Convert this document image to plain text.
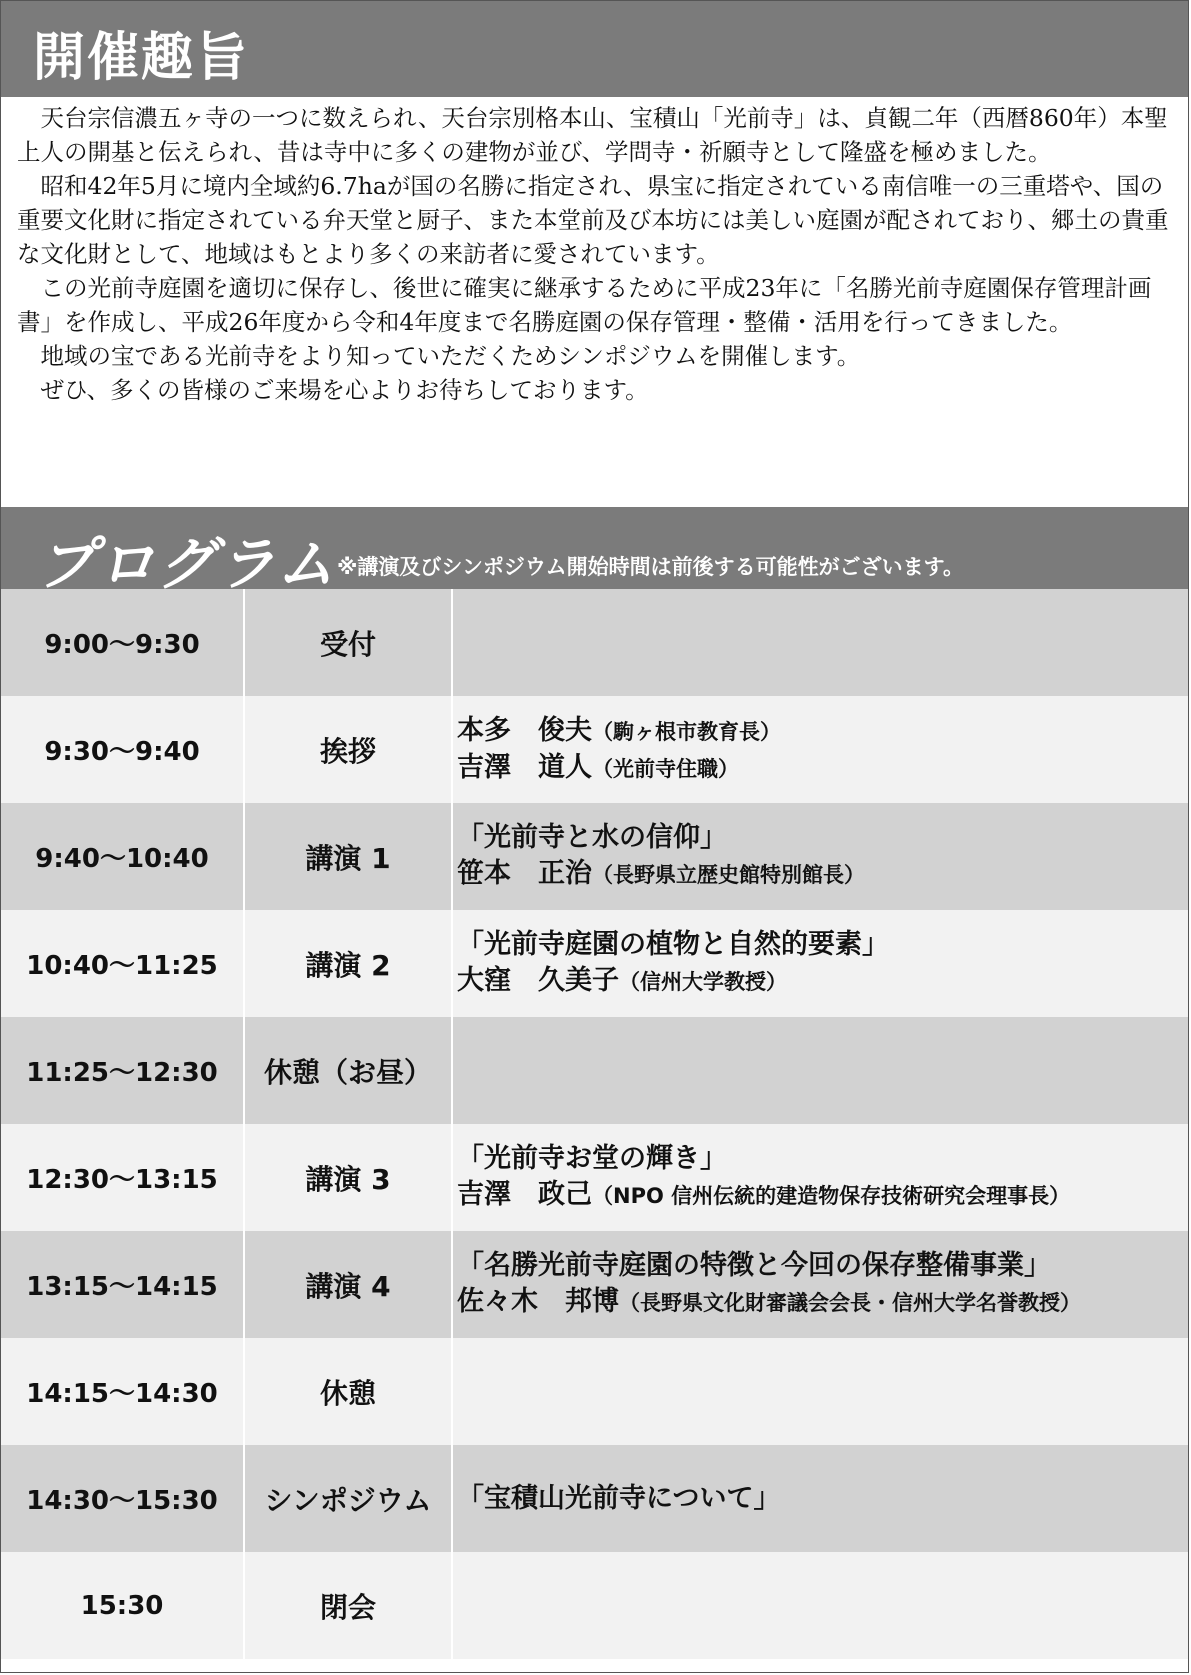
開催趣旨

天台宗信濃五ヶ寺の一つに数えられ、天台宗別格本山、宝積山「光前寺」は、貞観二年（西暦860年）本聖上人の開基と伝えられ、昔は寺中に多くの建物が並び、学問寺・祈願寺として隆盛を極めました。

昭和42年5月に境内全域約6.7haが国の名勝に指定され、県宝に指定されている南信唯一の三重塔や、国の重要文化財に指定されている弁天堂と厨子、また本堂前及び本坊には美しい庭園が配されており、郷土の貴重な文化財として、地域はもとより多くの来訪者に愛されています。

この光前寺庭園を適切に保存し、後世に確実に継承するために平成23年に「名勝光前寺庭園保存管理計画書」を作成し、平成26年度から令和4年度まで名勝庭園の保存管理・整備・活用を行ってきました。

地域の宝である光前寺をより知っていただくためシンポジウムを開催します。

ぜひ、多くの皆様のご来場を心よりお待ちしております。

プログラム ※講演及びシンポジウム開始時間は前後する可能性がございます。
9:00～9:30	受付	
9:30～9:40	挨拶	本多　俊夫（駒ヶ根市教育長）
吉澤　道人（光前寺住職）

9:40～10:40	講演 1	「光前寺と水の信仰」
笹本　正治（長野県立歴史館特別館長）

10:40～11:25	講演 2	「光前寺庭園の植物と自然的要素」
大窪　久美子（信州大学教授）

11:25～12:30	休憩（お昼）	
12:30～13:15	講演 3	「光前寺お堂の輝き」
吉澤　政己（NPO 信州伝統的建造物保存技術研究会理事長）

13:15～14:15	講演 4	「名勝光前寺庭園の特徴と今回の保存整備事業」
佐々木　邦博（長野県文化財審議会会長・信州大学名誉教授）

14:15～14:30	休憩	
14:30～15:30	シンポジウム	「宝積山光前寺について」

15:30	閉会	
